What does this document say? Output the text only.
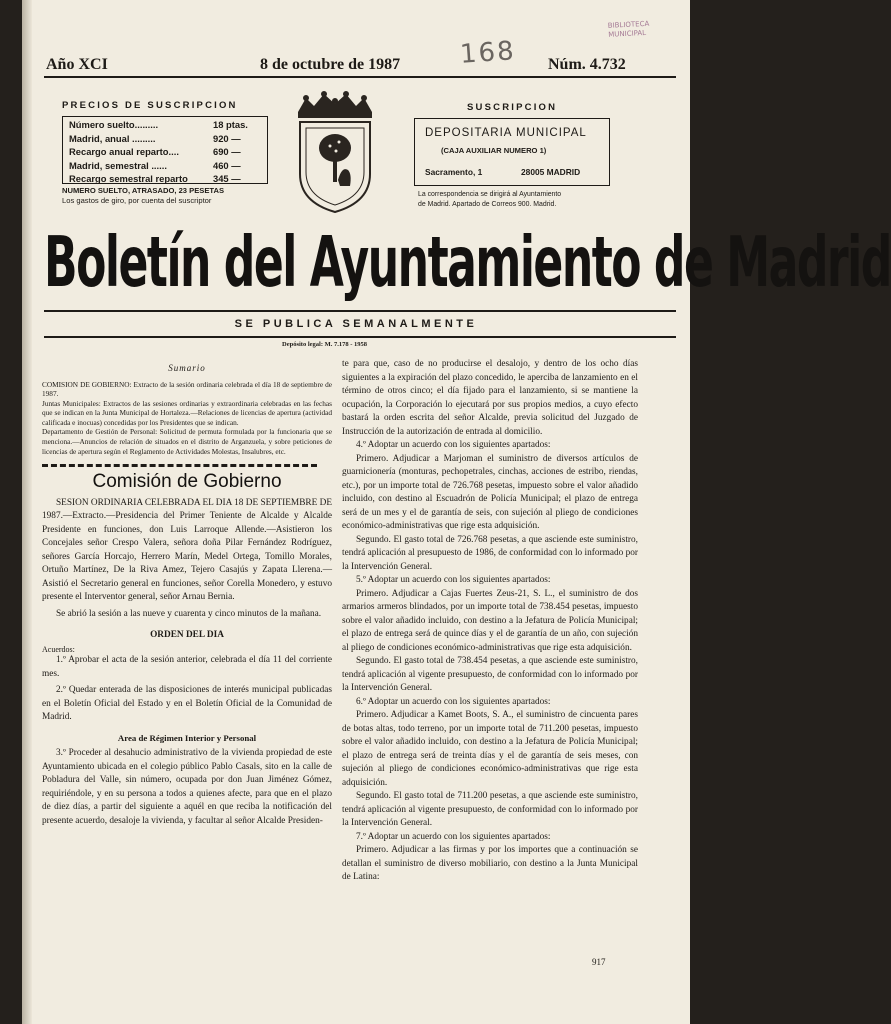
Año XCI	8 de octubre de 1987	Núm. 4.732
168
BIBLIOTECA
MUNICIPAL
PRECIOS DE SUSCRIPCION
Número suelto.........	18 ptas.
Madrid, anual .........	920 —
Recargo anual reparto....	690 —
Madrid, semestral ......	460 —
Recargo semestral reparto	345 —
NUMERO SUELTO, ATRASADO, 23 PESETAS
Los gastos de giro, por cuenta del suscriptor
SUSCRIPCION
DEPOSITARIA MUNICIPAL
(CAJA AUXILIAR NUMERO 1)
Sacramento, 1	28005 MADRID
La correspondencia se dirigirá al Ayuntamiento
de Madrid. Apartado de Correos 900. Madrid.
Boletín del Ayuntamiento de Madrid
SE PUBLICA SEMANALMENTE
Depósito legal: M. 7.178 - 1958

Sumario

COMISION DE GOBIERNO: Extracto de la sesión ordinaria celebrada el día 18 de septiembre de 1987.

Juntas Municipales: Extractos de las sesiones ordinarias y extraordinaria celebradas en las fechas que se indican en la Junta Municipal de Hortaleza.—Relaciones de licencias de apertura (actividad calificada e inocuas) concedidas por los Presidentes que se indican.

Departamento de Gestión de Personal: Solicitud de permuta formulada por la funcionaria que se menciona.—Anuncios de relación de situados en el distrito de Arganzuela, y sobre peticiones de licencias de apertura según el Reglamento de Actividades Molestas, Insalubres, etc.

Comisión de Gobierno

SESION ORDINARIA CELEBRADA EL DIA 18 DE SEPTIEMBRE DE 1987.—Extracto.—Presidencia del Primer Teniente de Alcalde y Alcalde Presidente en funciones, don Luis Larroque Allende.—Asistieron los Concejales señor Crespo Valera, señora doña Pilar Fernández Rodríguez, señores García Horcajo, Herrero Marín, Medel Ortega, Tomillo Morales, Ortuño Martínez, De la Riva Amez, Tejero Casajús y Zapata Llerena.—Asistió el Secretario general en funciones, señor Corella Monedero, y estuvo presente el Interventor general, señor Arnau Bernia.

Se abrió la sesión a las nueve y cuarenta y cinco minutos de la mañana.

ORDEN DEL DIA

Acuerdos:

1.º Aprobar el acta de la sesión anterior, celebrada el día 11 del corriente mes.

2.º Quedar enterada de las disposiciones de interés municipal publicadas en el Boletín Oficial del Estado y en el Boletín Oficial de la Comunidad de Madrid.

Area de Régimen Interior y Personal

3.º Proceder al desahucio administrativo de la vivienda propiedad de este Ayuntamiento ubicada en el colegio público Pablo Casals, sito en la calle de Pobladura del Valle, sin número, ocupada por don Juan Jiménez Gómez, requiriéndole, y en su persona a todos a quienes afecte, para que en el plazo de diez días, a partir del siguiente a aquél en que reciba la notificación del presente acuerdo, desaloje la vivienda, y facultar al señor Alcalde Presiden-

te para que, caso de no producirse el desalojo, y dentro de los ocho días siguientes a la expiración del plazo concedido, le aperciba de lanzamiento en el término de otros cinco; el día fijado para el lanzamiento, si se mantiene la ocupación, la Corporación lo ejecutará por sus propios medios, a cuyo efecto bastará la orden escrita del señor Alcalde, previa solicitud del Juzgado de Instrucción de la autorización de entrada al domicilio.

4.º Adoptar un acuerdo con los siguientes apartados:

Primero. Adjudicar a Marjoman el suministro de diversos artículos de guarnicionería (monturas, pechopetrales, cinchas, acciones de estribo, riendas, etc.), por un importe total de 726.768 pesetas, impuesto sobre el valor añadido incluido, con destino al Escuadrón de Policía Municipal; el plazo de entrega será de un mes y el de garantía de seis, con sujeción al pliego de condiciones económico-administrativas que rige esta adquisición.

Segundo. El gasto total de 726.768 pesetas, a que asciende este suministro, tendrá aplicación al presupuesto de 1986, de conformidad con lo informado por la Intervención General.

5.º Adoptar un acuerdo con los siguientes apartados:

Primero. Adjudicar a Cajas Fuertes Zeus-21, S. L., el suministro de dos armarios armeros blindados, por un importe total de 738.454 pesetas, impuesto sobre el valor añadido incluido, con destino a la Jefatura de Policía Municipal; el plazo de entrega será de quince días y el de garantía de un año, con sujeción al pliego de condiciones económico-administrativas que rige esta adquisición.

Segundo. El gasto total de 738.454 pesetas, a que asciende este suministro, tendrá aplicación al vigente presupuesto, de conformidad con lo informado por la Intervención General.

6.º Adoptar un acuerdo con los siguientes apartados:

Primero. Adjudicar a Kamet Boots, S. A., el suministro de cincuenta pares de botas altas, todo terreno, por un importe total de 711.200 pesetas, impuesto sobre el valor añadido incluido, con destino a la Jefatura de Policía Municipal; el plazo de entrega será de treinta días y el de garantía de seis meses, con sujeción al pliego de condiciones económico-administrativas que rige esta adquisición.

Segundo. El gasto total de 711.200 pesetas, a que asciende este suministro, tendrá aplicación al vigente presupuesto, de conformidad con lo informado por la Intervención General.

7.º Adoptar un acuerdo con los siguientes apartados:

Primero. Adjudicar a las firmas y por los importes que a continuación se detallan el suministro de diverso mobiliario, con destino a la Junta Municipal de Latina:

917
